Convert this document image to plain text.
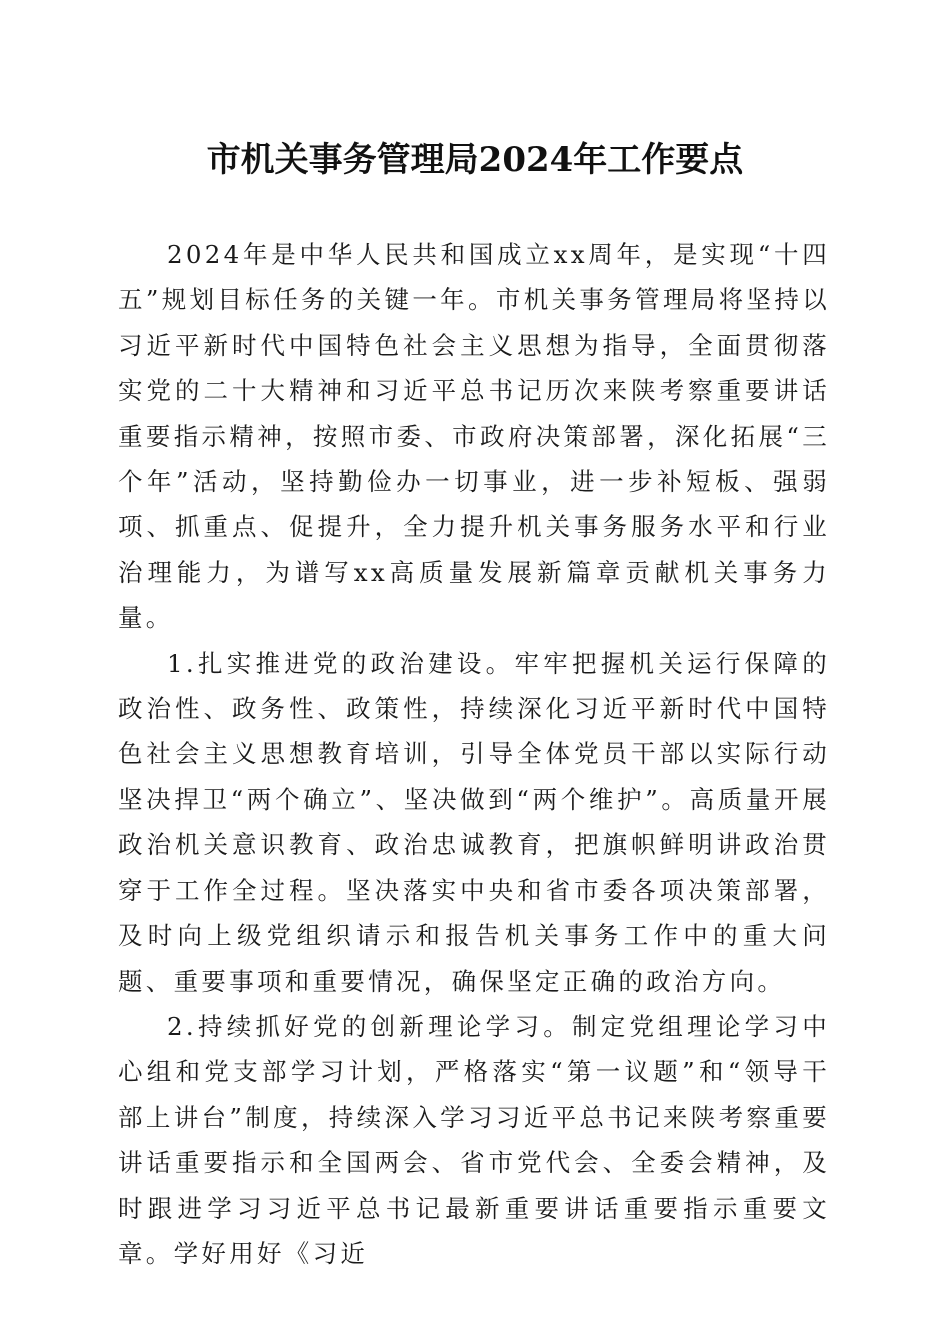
市机关事务管理局2024年工作要点

2024年是中华人民共和国成立xx周年，是实现“十四五”规划目标任务的关键一年。市机关事务管理局将坚持以习近平新时代中国特色社会主义思想为指导，全面贯彻落实党的二十大精神和习近平总书记历次来陕考察重要讲话重要指示精神，按照市委、市政府决策部署，深化拓展“三个年”活动，坚持勤俭办一切事业，进一步补短板、强弱项、抓重点、促提升，全力提升机关事务服务水平和行业治理能力，为谱写xx高质量发展新篇章贡献机关事务力量。

1.扎实推进党的政治建设。牢牢把握机关运行保障的政治性、政务性、政策性，持续深化习近平新时代中国特色社会主义思想教育培训，引导全体党员干部以实际行动坚决捍卫“两个确立”、坚决做到“两个维护”。高质量开展政治机关意识教育、政治忠诚教育，把旗帜鲜明讲政治贯穿于工作全过程。坚决落实中央和省市委各项决策部署，及时向上级党组织请示和报告机关事务工作中的重大问题、重要事项和重要情况，确保坚定正确的政治方向。

2.持续抓好党的创新理论学习。制定党组理论学习中心组和党支部学习计划，严格落实“第一议题”和“领导干部上讲台”制度，持续深入学习习近平总书记来陕考察重要讲话重要指示和全国两会、省市党代会、全委会精神，及时跟进学习习近平总书记最新重要讲话重要指示重要文章。学好用好《习近
